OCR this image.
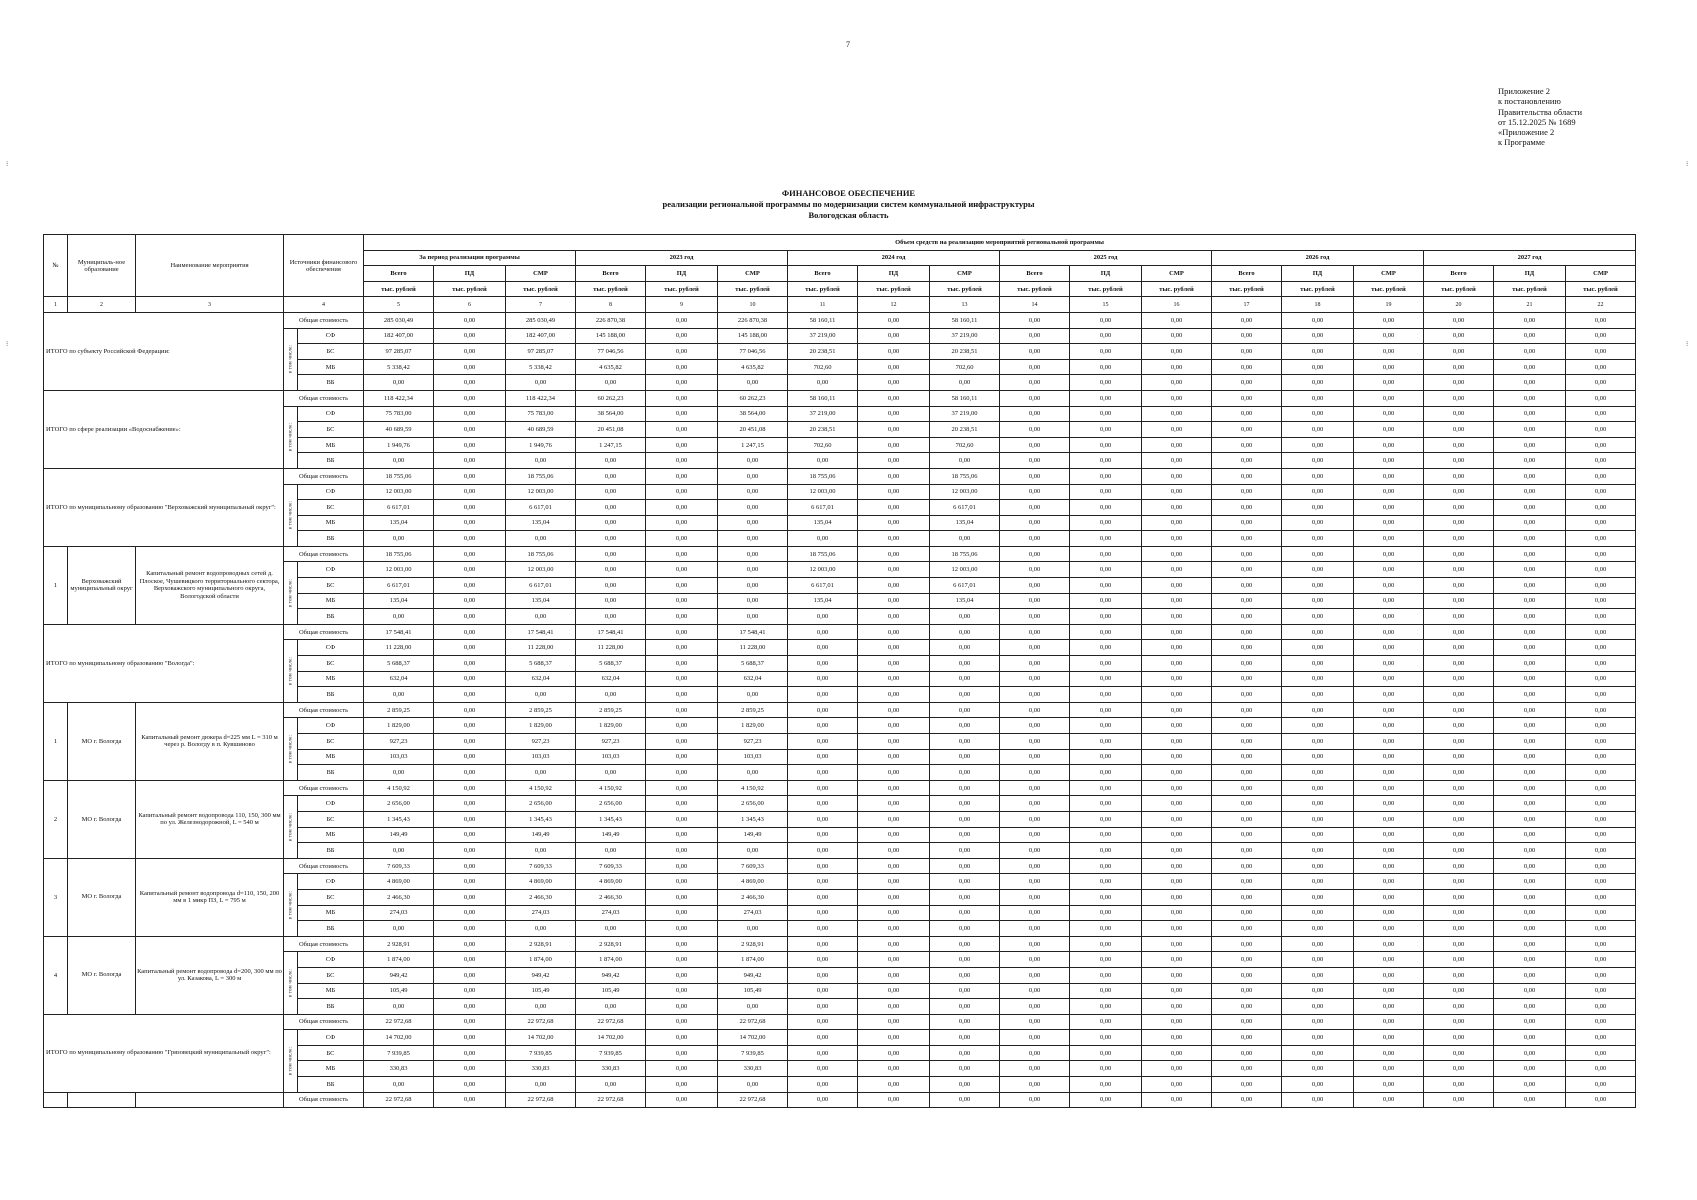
7
Приложение 2
к постановлению
Правительства области
от 15.12.2025 № 1689
«Приложение 2
к Программе
ФИНАНСОВОЕ ОБЕСПЕЧЕНИЕ
реализации региональной программы по модернизации систем коммунальной инфраструктуры
Вологодская область
№	Муниципаль-ное образование	Наименование мероприятия	Источники финансового обеспечения		Объем средств на реализацию мероприятий региональной программы																	
					За период реализации программы			2023 год			2024 год			2025 год			2026 год			2027 год		
					Всего	ПД	СМР	Всего	ПД	СМР	Всего	ПД	СМР	Всего	ПД	СМР	Всего	ПД	СМР	Всего	ПД	СМР
					тыс. рублей	тыс. рублей	тыс. рублей	тыс. рублей	тыс. рублей	тыс. рублей	тыс. рублей	тыс. рублей	тыс. рублей	тыс. рублей	тыс. рублей	тыс. рублей	тыс. рублей	тыс. рублей	тыс. рублей	тыс. рублей	тыс. рублей	тыс. рублей
1	2	3	4		5	6	7	8	9	10	11	12	13	14	15	16	17	18	19	20	21	22
ИТОГО по субъекту Российской Федерации:			Общая стоимость		285 030,49	0,00	285 030,49	226 870,38	0,00	226 870,38	58 160,11	0,00	58 160,11	0,00	0,00	0,00	0,00	0,00	0,00	0,00	0,00	0,00
			в том числе:	СФ	182 407,00	0,00	182 407,00	145 188,00	0,00	145 188,00	37 219,00	0,00	37 219,00	0,00	0,00	0,00	0,00	0,00	0,00	0,00	0,00	0,00
				БС	97 285,07	0,00	97 285,07	77 046,56	0,00	77 046,56	20 238,51	0,00	20 238,51	0,00	0,00	0,00	0,00	0,00	0,00	0,00	0,00	0,00
				МБ	5 338,42	0,00	5 338,42	4 635,82	0,00	4 635,82	702,60	0,00	702,60	0,00	0,00	0,00	0,00	0,00	0,00	0,00	0,00	0,00
				ВБ	0,00	0,00	0,00	0,00	0,00	0,00	0,00	0,00	0,00	0,00	0,00	0,00	0,00	0,00	0,00	0,00	0,00	0,00
ИТОГО по сфере реализации «Водоснабжение»:			Общая стоимость		118 422,34	0,00	118 422,34	60 262,23	0,00	60 262,23	58 160,11	0,00	58 160,11	0,00	0,00	0,00	0,00	0,00	0,00	0,00	0,00	0,00
			в том числе:	СФ	75 783,00	0,00	75 783,00	38 564,00	0,00	38 564,00	37 219,00	0,00	37 219,00	0,00	0,00	0,00	0,00	0,00	0,00	0,00	0,00	0,00
				БС	40 689,59	0,00	40 689,59	20 451,08	0,00	20 451,08	20 238,51	0,00	20 238,51	0,00	0,00	0,00	0,00	0,00	0,00	0,00	0,00	0,00
				МБ	1 949,76	0,00	1 949,76	1 247,15	0,00	1 247,15	702,60	0,00	702,60	0,00	0,00	0,00	0,00	0,00	0,00	0,00	0,00	0,00
				ВБ	0,00	0,00	0,00	0,00	0,00	0,00	0,00	0,00	0,00	0,00	0,00	0,00	0,00	0,00	0,00	0,00	0,00	0,00
ИТОГО по муниципальному образованию "Верховажский муниципальный округ":			Общая стоимость		18 755,06	0,00	18 755,06	0,00	0,00	0,00	18 755,06	0,00	18 755,06	0,00	0,00	0,00	0,00	0,00	0,00	0,00	0,00	0,00
			в том числе:	СФ	12 003,00	0,00	12 003,00	0,00	0,00	0,00	12 003,00	0,00	12 003,00	0,00	0,00	0,00	0,00	0,00	0,00	0,00	0,00	0,00
				БС	6 617,01	0,00	6 617,01	0,00	0,00	0,00	6 617,01	0,00	6 617,01	0,00	0,00	0,00	0,00	0,00	0,00	0,00	0,00	0,00
				МБ	135,04	0,00	135,04	0,00	0,00	0,00	135,04	0,00	135,04	0,00	0,00	0,00	0,00	0,00	0,00	0,00	0,00	0,00
				ВБ	0,00	0,00	0,00	0,00	0,00	0,00	0,00	0,00	0,00	0,00	0,00	0,00	0,00	0,00	0,00	0,00	0,00	0,00
1	Верховажский муниципальный округ	Капитальный ремонт водопроводных сетей д. Плоское, Чушевицкого территориального сектора, Верховажского муниципального округа, Вологодской области	Общая стоимость		18 755,06	0,00	18 755,06	0,00	0,00	0,00	18 755,06	0,00	18 755,06	0,00	0,00	0,00	0,00	0,00	0,00	0,00	0,00	0,00
			в том числе:	СФ	12 003,00	0,00	12 003,00	0,00	0,00	0,00	12 003,00	0,00	12 003,00	0,00	0,00	0,00	0,00	0,00	0,00	0,00	0,00	0,00
				БС	6 617,01	0,00	6 617,01	0,00	0,00	0,00	6 617,01	0,00	6 617,01	0,00	0,00	0,00	0,00	0,00	0,00	0,00	0,00	0,00
				МБ	135,04	0,00	135,04	0,00	0,00	0,00	135,04	0,00	135,04	0,00	0,00	0,00	0,00	0,00	0,00	0,00	0,00	0,00
				ВБ	0,00	0,00	0,00	0,00	0,00	0,00	0,00	0,00	0,00	0,00	0,00	0,00	0,00	0,00	0,00	0,00	0,00	0,00
ИТОГО по муниципальному образованию "Вологда":			Общая стоимость		17 548,41	0,00	17 548,41	17 548,41	0,00	17 548,41	0,00	0,00	0,00	0,00	0,00	0,00	0,00	0,00	0,00	0,00	0,00	0,00
			в том числе:	СФ	11 228,00	0,00	11 228,00	11 228,00	0,00	11 228,00	0,00	0,00	0,00	0,00	0,00	0,00	0,00	0,00	0,00	0,00	0,00	0,00
				БС	5 688,37	0,00	5 688,37	5 688,37	0,00	5 688,37	0,00	0,00	0,00	0,00	0,00	0,00	0,00	0,00	0,00	0,00	0,00	0,00
				МБ	632,04	0,00	632,04	632,04	0,00	632,04	0,00	0,00	0,00	0,00	0,00	0,00	0,00	0,00	0,00	0,00	0,00	0,00
				ВБ	0,00	0,00	0,00	0,00	0,00	0,00	0,00	0,00	0,00	0,00	0,00	0,00	0,00	0,00	0,00	0,00	0,00	0,00
1	МО г. Вологда	Капитальный ремонт дюкера d=225 мм L = 310 м через р. Вологду в п. Кувшиново	Общая стоимость		2 859,25	0,00	2 859,25	2 859,25	0,00	2 859,25	0,00	0,00	0,00	0,00	0,00	0,00	0,00	0,00	0,00	0,00	0,00	0,00
			в том числе:	СФ	1 829,00	0,00	1 829,00	1 829,00	0,00	1 829,00	0,00	0,00	0,00	0,00	0,00	0,00	0,00	0,00	0,00	0,00	0,00	0,00
				БС	927,23	0,00	927,23	927,23	0,00	927,23	0,00	0,00	0,00	0,00	0,00	0,00	0,00	0,00	0,00	0,00	0,00	0,00
				МБ	103,03	0,00	103,03	103,03	0,00	103,03	0,00	0,00	0,00	0,00	0,00	0,00	0,00	0,00	0,00	0,00	0,00	0,00
				ВБ	0,00	0,00	0,00	0,00	0,00	0,00	0,00	0,00	0,00	0,00	0,00	0,00	0,00	0,00	0,00	0,00	0,00	0,00
2	МО г. Вологда	Капитальный ремонт водопровода 110, 150, 300 мм по ул. Железнодорожной, L = 540 м	Общая стоимость		4 150,92	0,00	4 150,92	4 150,92	0,00	4 150,92	0,00	0,00	0,00	0,00	0,00	0,00	0,00	0,00	0,00	0,00	0,00	0,00
			в том числе:	СФ	2 656,00	0,00	2 656,00	2 656,00	0,00	2 656,00	0,00	0,00	0,00	0,00	0,00	0,00	0,00	0,00	0,00	0,00	0,00	0,00
				БС	1 345,43	0,00	1 345,43	1 345,43	0,00	1 345,43	0,00	0,00	0,00	0,00	0,00	0,00	0,00	0,00	0,00	0,00	0,00	0,00
				МБ	149,49	0,00	149,49	149,49	0,00	149,49	0,00	0,00	0,00	0,00	0,00	0,00	0,00	0,00	0,00	0,00	0,00	0,00
				ВБ	0,00	0,00	0,00	0,00	0,00	0,00	0,00	0,00	0,00	0,00	0,00	0,00	0,00	0,00	0,00	0,00	0,00	0,00
3	МО г. Вологда	Капитальный ремонт водопровода d=110, 150, 200 мм в 1 микр ПЗ, L = 795 м	Общая стоимость		7 609,33	0,00	7 609,33	7 609,33	0,00	7 609,33	0,00	0,00	0,00	0,00	0,00	0,00	0,00	0,00	0,00	0,00	0,00	0,00
			в том числе:	СФ	4 869,00	0,00	4 869,00	4 869,00	0,00	4 869,00	0,00	0,00	0,00	0,00	0,00	0,00	0,00	0,00	0,00	0,00	0,00	0,00
				БС	2 466,30	0,00	2 466,30	2 466,30	0,00	2 466,30	0,00	0,00	0,00	0,00	0,00	0,00	0,00	0,00	0,00	0,00	0,00	0,00
				МБ	274,03	0,00	274,03	274,03	0,00	274,03	0,00	0,00	0,00	0,00	0,00	0,00	0,00	0,00	0,00	0,00	0,00	0,00
				ВБ	0,00	0,00	0,00	0,00	0,00	0,00	0,00	0,00	0,00	0,00	0,00	0,00	0,00	0,00	0,00	0,00	0,00	0,00
4	МО г. Вологда	Капитальный ремонт водопровода d=200, 300 мм по ул. Казакова, L = 300 м	Общая стоимость		2 928,91	0,00	2 928,91	2 928,91	0,00	2 928,91	0,00	0,00	0,00	0,00	0,00	0,00	0,00	0,00	0,00	0,00	0,00	0,00
			в том числе:	СФ	1 874,00	0,00	1 874,00	1 874,00	0,00	1 874,00	0,00	0,00	0,00	0,00	0,00	0,00	0,00	0,00	0,00	0,00	0,00	0,00
				БС	949,42	0,00	949,42	949,42	0,00	949,42	0,00	0,00	0,00	0,00	0,00	0,00	0,00	0,00	0,00	0,00	0,00	0,00
				МБ	105,49	0,00	105,49	105,49	0,00	105,49	0,00	0,00	0,00	0,00	0,00	0,00	0,00	0,00	0,00	0,00	0,00	0,00
				ВБ	0,00	0,00	0,00	0,00	0,00	0,00	0,00	0,00	0,00	0,00	0,00	0,00	0,00	0,00	0,00	0,00	0,00	0,00
ИТОГО по муниципальному образованию "Грязовецкий муниципальный округ":			Общая стоимость		22 972,68	0,00	22 972,68	22 972,68	0,00	22 972,68	0,00	0,00	0,00	0,00	0,00	0,00	0,00	0,00	0,00	0,00	0,00	0,00
			в том числе:	СФ	14 702,00	0,00	14 702,00	14 702,00	0,00	14 702,00	0,00	0,00	0,00	0,00	0,00	0,00	0,00	0,00	0,00	0,00	0,00	0,00
				БС	7 939,85	0,00	7 939,85	7 939,85	0,00	7 939,85	0,00	0,00	0,00	0,00	0,00	0,00	0,00	0,00	0,00	0,00	0,00	0,00
				МБ	330,83	0,00	330,83	330,83	0,00	330,83	0,00	0,00	0,00	0,00	0,00	0,00	0,00	0,00	0,00	0,00	0,00	0,00
				ВБ	0,00	0,00	0,00	0,00	0,00	0,00	0,00	0,00	0,00	0,00	0,00	0,00	0,00	0,00	0,00	0,00	0,00	0,00
			Общая стоимость		22 972,68	0,00	22 972,68	22 972,68	0,00	22 972,68	0,00	0,00	0,00	0,00	0,00	0,00	0,00	0,00	0,00	0,00	0,00	0,00
⁝
⁝
⁝
⁝
